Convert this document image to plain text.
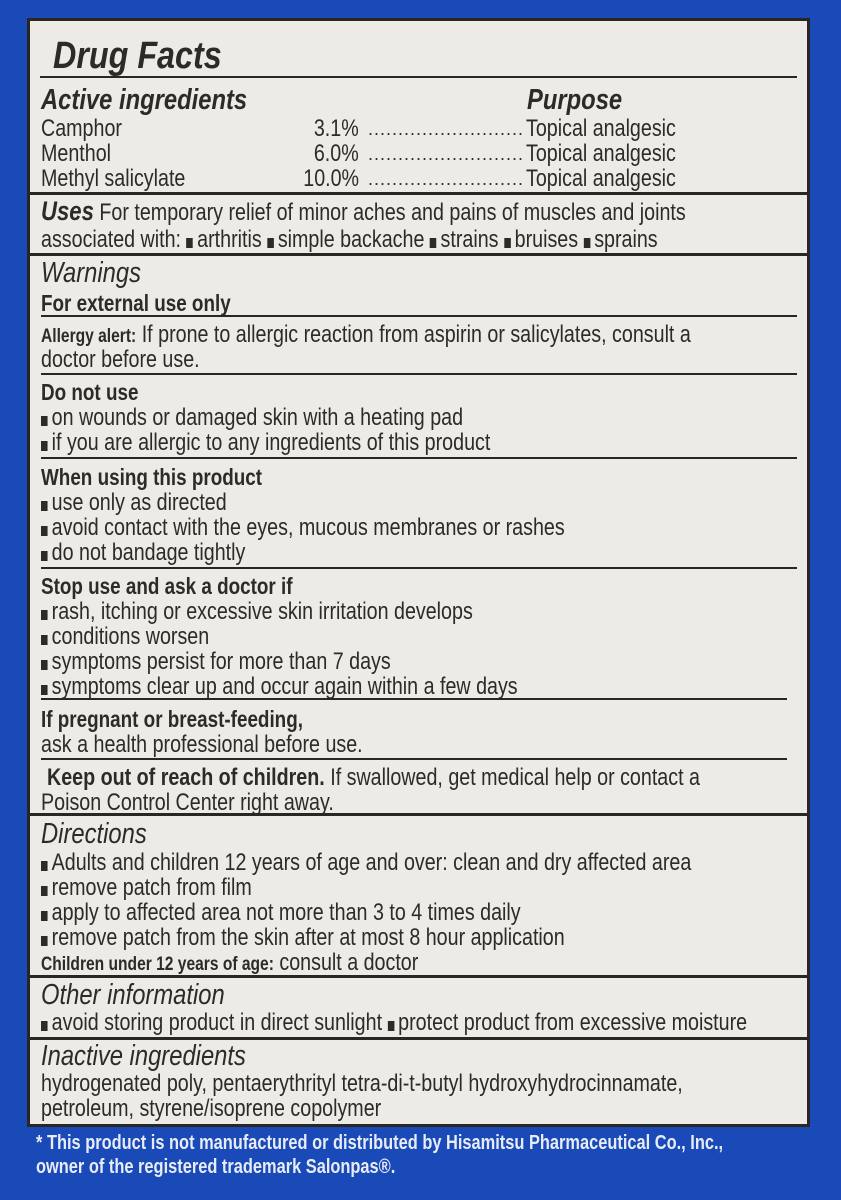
Drug Facts
Active ingredients	Purpose
Camphor	3.1% .......................... Topical analgesic
Menthol	6.0% .......................... Topical analgesic
Methyl salicylate	10.0% .......................... Topical analgesic
Uses For temporary relief of minor aches and pains of muscles and joints
associated with: arthritis simple backache strains bruises sprains
Warnings
For external use only
Allergy alert: If prone to allergic reaction from aspirin or salicylates, consult a
doctor before use.
Do not use
on wounds or damaged skin with a heating pad
if you are allergic to any ingredients of this product
When using this product
use only as directed
avoid contact with the eyes, mucous membranes or rashes
do not bandage tightly
Stop use and ask a doctor if
rash, itching or excessive skin irritation develops
conditions worsen
symptoms persist for more than 7 days
symptoms clear up and occur again within a few days
If pregnant or breast-feeding,
ask a health professional before use.
Keep out of reach of children. If swallowed, get medical help or contact a
Poison Control Center right away.
Directions
Adults and children 12 years of age and over: clean and dry affected area
remove patch from film
apply to affected area not more than 3 to 4 times daily
remove patch from the skin after at most 8 hour application
Children under 12 years of age: consult a doctor
Other information
avoid storing product in direct sunlight protect product from excessive moisture
Inactive ingredients
hydrogenated poly, pentaerythrityl tetra-di-t-butyl hydroxyhydrocinnamate,
petroleum, styrene/isoprene copolymer
* This product is not manufactured or distributed by Hisamitsu Pharmaceutical Co., Inc.,
owner of the registered trademark Salonpas®.
